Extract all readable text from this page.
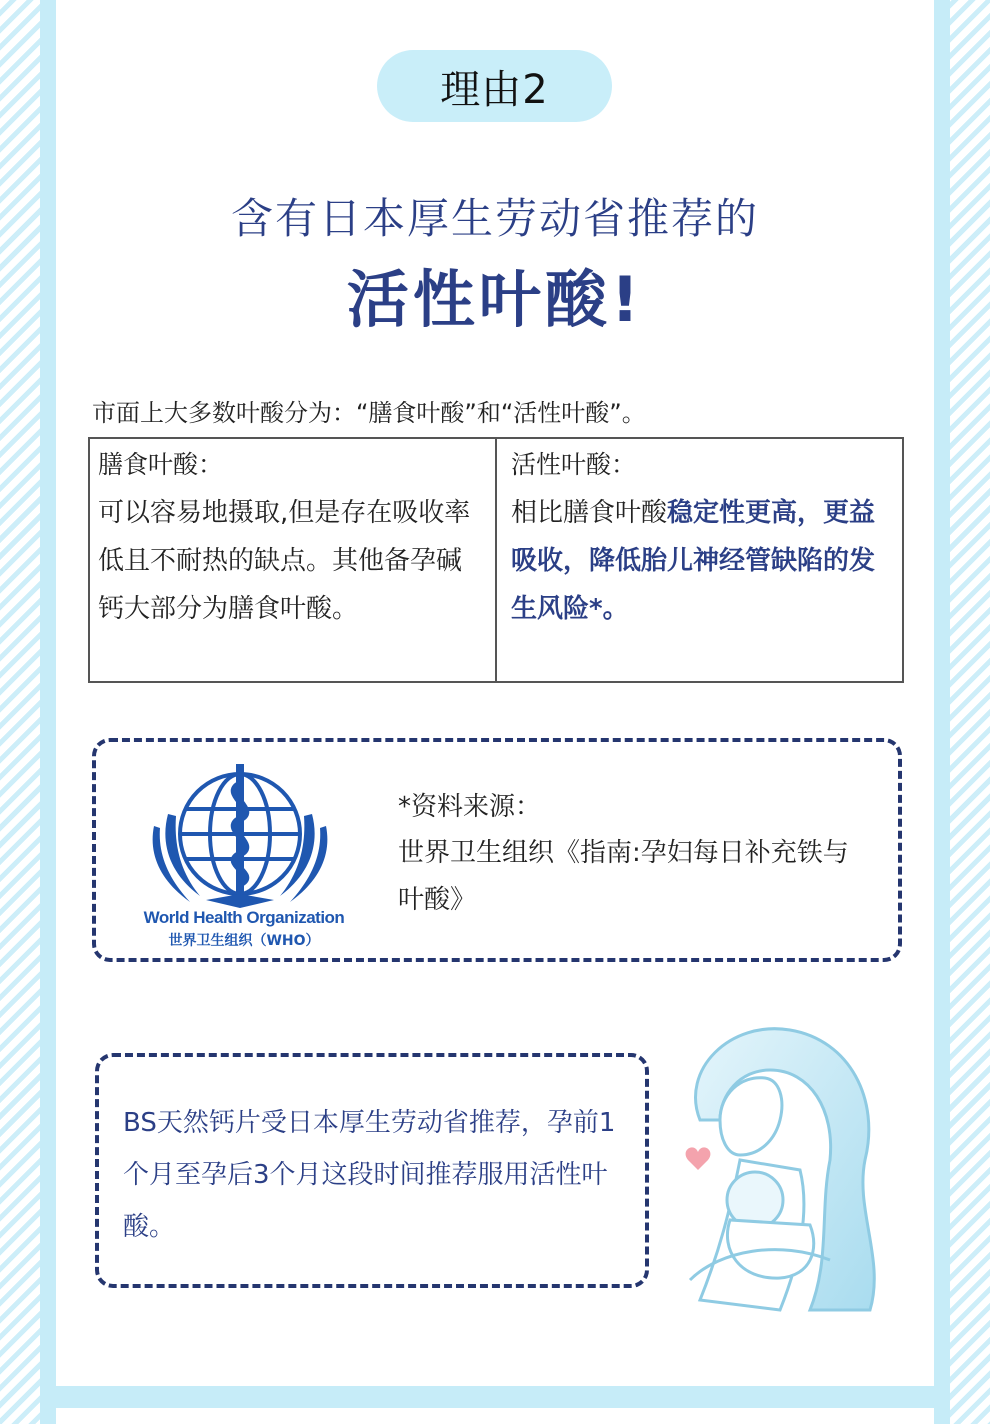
理由2
含有日本厚生劳动省推荐的
活性叶酸!
市面上大多数叶酸分为：“膳食叶酸”和“活性叶酸”。
膳食叶酸：
可以容易地摄取,但是存在吸收率低且不耐热的缺点。其他备孕碱钙大部分为膳食叶酸。
活性叶酸：
相比膳食叶酸稳定性更高，更益吸收，降低胎儿神经管缺陷的发生风险*。
World Health Organization
世界卫生组织（WHO）
*资料来源：
世界卫生组织《指南:孕妇每日补充铁与叶酸》
BS天然钙片受日本厚生劳动省推荐，孕前1个月至孕后3个月这段时间推荐服用活性叶酸。
